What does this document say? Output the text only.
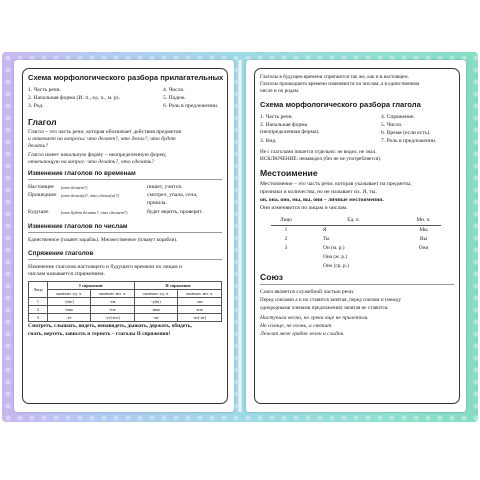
Схема морфологического разбора прилагательных
1. Часть речи.
2. Начальная форма (И. п., ед. ч., м. р).
3. Род.
4. Число.
5. Падеж.
6. Роль в предложении.
Глагол
Глагол – это часть речи, которая обозначает действия предметов
и отвечает на вопросы: что делает?, что делал?, что будет
делать?
Глагол имеет начальную форму – неопределенную форму,
отвечающую на вопрос: что делать?, что сделать?
Изменение глаголов по временам
Настоящее (что делает?)	пишет, учится.
Прошедшее (что делал(а)?, что сделал(а)?)	смотрел, упала, села,
пришла.
Будущее	(что будет делать?, что сделает?)	будет верить, проверит.
Изменение глаголов по числам
Единственное (плывет корабль). Множественное (плывут корабли).
Спряжение глаголов
Изменение глаголов настоящего и будущего времени по лицам и
числам называется спряжением.
Лицо	I спряжение		II спряжение	
	окончан. ед. ч.	окончан. мн. ч.	окончан. ед. ч.	окончан. мн. ч.
1	-у(ю)	-ем	-у(ю)	-им
2	-ешь	-ете	-ишь	-ите
3	-ет	-ут(-ют)	-ит	-ат(-ят)
Смотреть, слышать, видеть, ненавидеть, дышать, держать, обидеть,
гнать, вертеть, зависеть и терпеть – глаголы II спряжения!
Глаголы в будущем времени спрягаются так же, как и в настоящем.
Глаголы прошедшего времени изменяются по числам, а в единственном
числе и по родам.
Схема морфологического разбора глагола
1. Часть речи.
2. Начальная форма
(неопределенная форма).
3. Вид.
4. Спряжение.
5. Число.
6. Время (если есть).
7. Роль в предложении.
Не с глаголами пишется отдельно: не видел, не знал.
ИСКЛЮЧЕНИЕ: ненавидел (без не не употребляется).
Местоимение
Местоимение – это часть речи, которая указывает на предметы,
признаки и количества, но не называет их. Я, ты,
он, она, оно, мы, вы, они – личные местоимения.
Они изменяются по лицам и числам.
Лицо	Ед. ч.	Мн. ч.
1	Я	Мы
2	Ты	Вы
3	Он (м. р.)	Они
	Она (ж. р.)	
	Оно (ср. р.)	
Союз
Союз является служебной частью речи.
Перед союзами а и но ставится запятая, перед союзом и (между
однородными членами предложения) запятая не ставится.
Наступила весна, но греки еще не прилетели.
Не солнце, не огонь, а светит.
Лежит меж грядок зелен и сладок.
